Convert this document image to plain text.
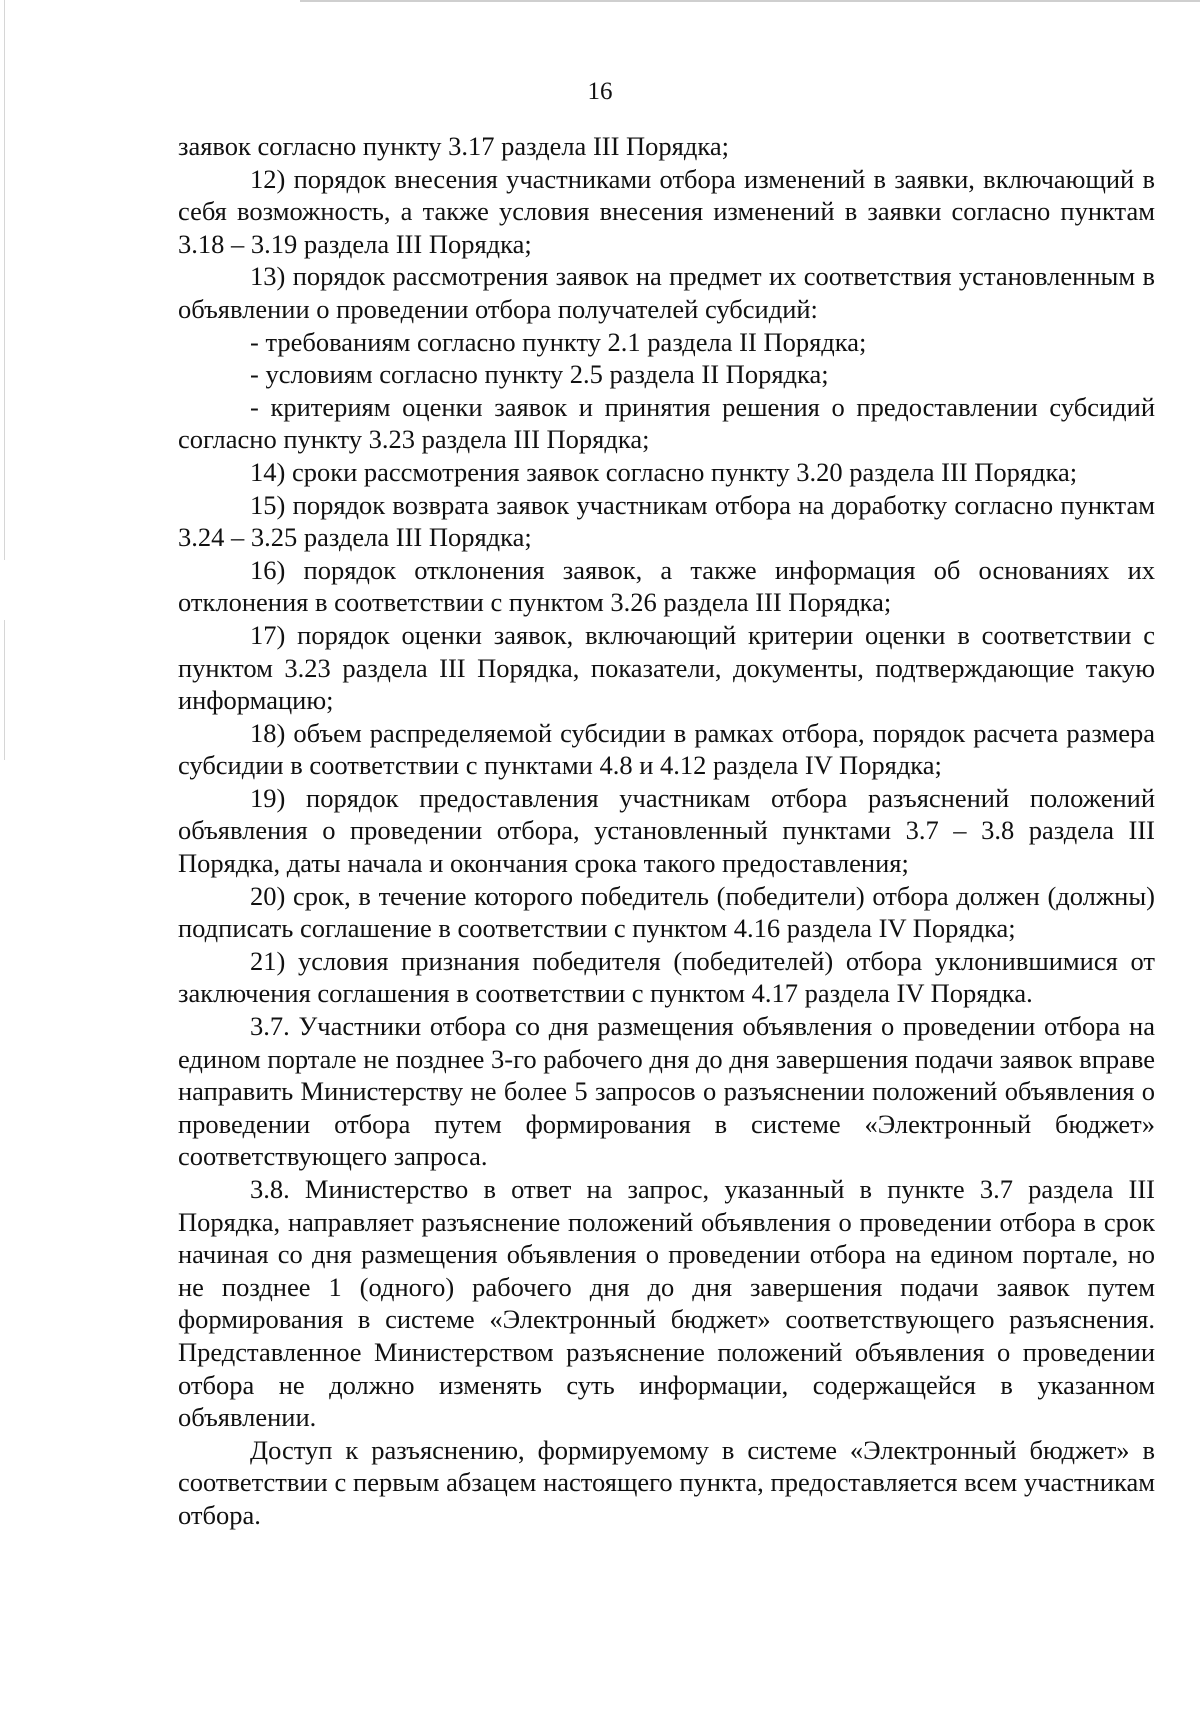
16

заявок согласно пункту 3.17 раздела III Порядка;

12) порядок внесения участниками отбора изменений в заявки, включающий в себя возможность, а также условия внесения изменений в заявки согласно пунктам 3.18 – 3.19 раздела III Порядка;

13) порядок рассмотрения заявок на предмет их соответствия установленным в объявлении о проведении отбора получателей субсидий:

- требованиям согласно пункту 2.1 раздела II Порядка;

- условиям согласно пункту 2.5 раздела II Порядка;

- критериям оценки заявок и принятия решения о предоставлении субсидий согласно пункту 3.23 раздела III Порядка;

14) сроки рассмотрения заявок согласно пункту 3.20 раздела III Порядка;

15) порядок возврата заявок участникам отбора на доработку согласно пунктам 3.24 – 3.25 раздела III Порядка;

16) порядок отклонения заявок, а также информация об основаниях их отклонения в соответствии с пунктом 3.26 раздела III Порядка;

17) порядок оценки заявок, включающий критерии оценки в соответствии с пунктом 3.23 раздела III Порядка, показатели, документы, подтверждающие такую информацию;

18) объем распределяемой субсидии в рамках отбора, порядок расчета размера субсидии в соответствии с пунктами 4.8 и 4.12 раздела IV Порядка;

19) порядок предоставления участникам отбора разъяснений положений объявления о проведении отбора, установленный пунктами 3.7 – 3.8 раздела III Порядка, даты начала и окончания срока такого предоставления;

20) срок, в течение которого победитель (победители) отбора должен (должны) подписать соглашение в соответствии с пунктом 4.16 раздела IV Порядка;

21) условия признания победителя (победителей) отбора уклонившимися от заключения соглашения в соответствии с пунктом 4.17 раздела IV Порядка.

3.7. Участники отбора со дня размещения объявления о проведении отбора на едином портале не позднее 3-го рабочего дня до дня завершения подачи заявок вправе направить Министерству не более 5 запросов о разъяснении положений объявления о проведении отбора путем формирования в системе «Электронный бюджет» соответствующего запроса.

3.8. Министерство в ответ на запрос, указанный в пункте 3.7 раздела III Порядка, направляет разъяснение положений объявления о проведении отбора в срок начиная со дня размещения объявления о проведении отбора на едином портале, но не позднее 1 (одного) рабочего дня до дня завершения подачи заявок путем формирования в системе «Электронный бюджет» соответствующего разъяснения. Представленное Министерством разъяснение положений объявления о проведении отбора не должно изменять суть информации, содержащейся в указанном объявлении.

Доступ к разъяснению, формируемому в системе «Электронный бюджет» в соответствии с первым абзацем настоящего пункта, предоставляется всем участникам отбора.
